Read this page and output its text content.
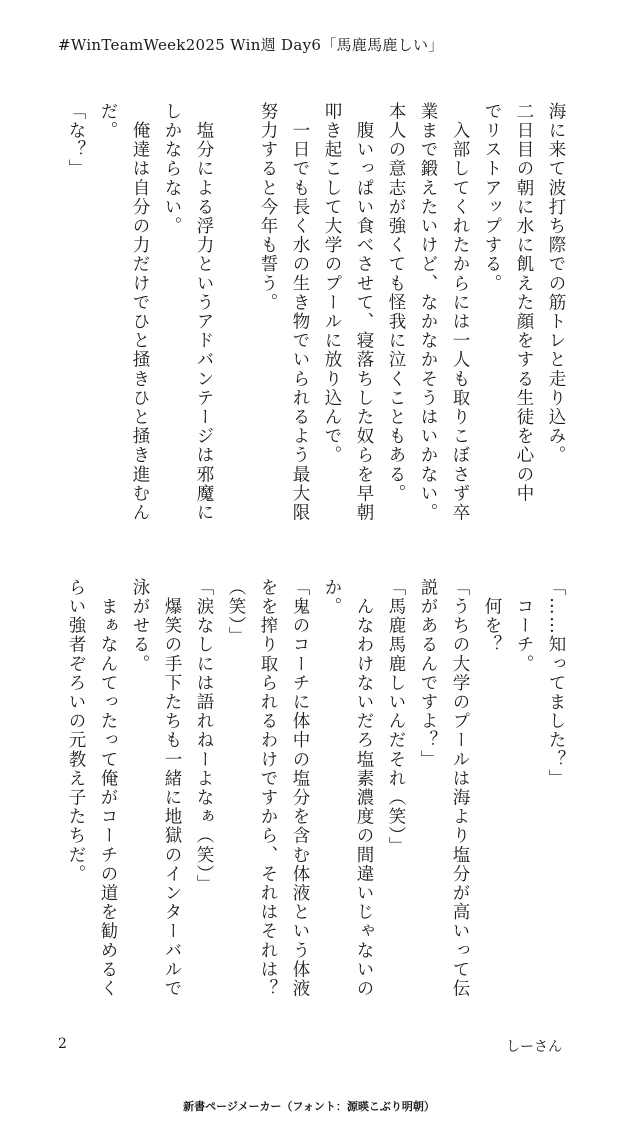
#WinTeamWeek2025 Win週 Day6「馬鹿馬鹿しい」
海に来て波打ち際での筋トレと走り込み。
二日目の朝に水に飢えた顔をする生徒を心の中
でリストアップする。
　入部してくれたからには一人も取りこぼさず卒
業まで鍛えたいけど、なかなかそうはいかない。
本人の意志が強くても怪我に泣くこともある。
　腹いっぱい食べさせて、寝落ちした奴らを早朝
叩き起こして大学のプールに放り込んで。
　一日でも長く水の生き物でいられるよう最大限
努力すると今年も誓う。

　塩分による浮力というアドバンテージは邪魔に
しかならない。
　俺達は自分の力だけでひと掻きひと掻き進むん
だ。
「な？」
「……知ってました？」
　コーチ。
　何を？
「うちの大学のプールは海より塩分が高いって伝
説があるんですよ？」
「馬鹿馬鹿しいんだそれ（笑）」
　んなわけないだろ塩素濃度の間違いじゃないの
か。
「鬼のコーチに体中の塩分を含む体液という体液
をを搾り取られるわけですから、それはそれは？
（笑）」
「涙なしには語れねーよなぁ（笑）」
　爆笑の手下たちも一緒に地獄のインターバルで
泳がせる。
　まぁなんてったって俺がコーチの道を勧めるく
らい強者ぞろいの元教え子たちだ。
2	しーさん
新書ページメーカー（フォント：源暎こぶり明朝）
